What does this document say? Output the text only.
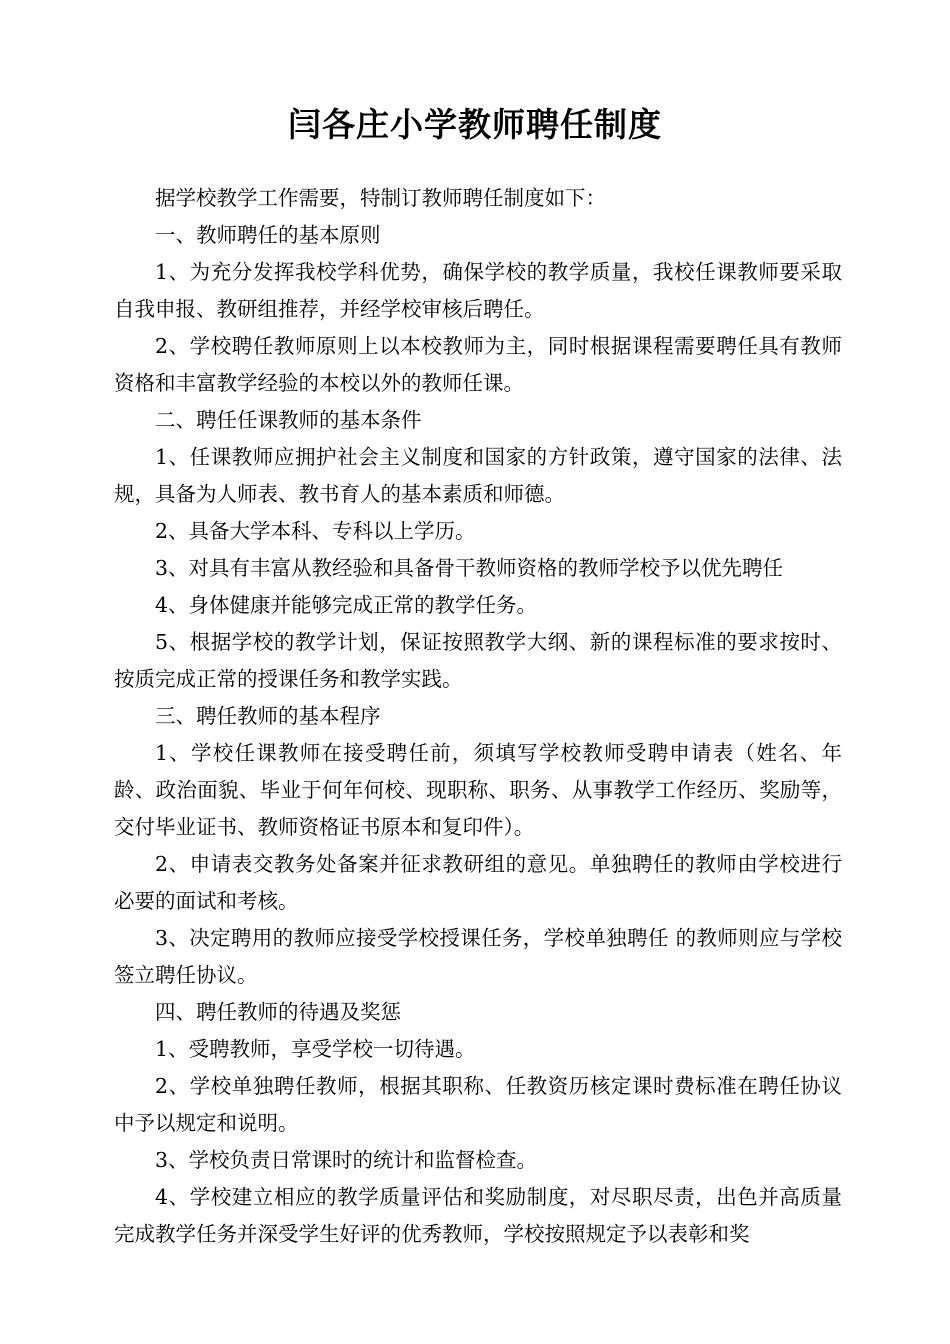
闫各庄小学教师聘任制度

据学校教学工作需要，特制订教师聘任制度如下：

一、教师聘任的基本原则

1、为充分发挥我校学科优势，确保学校的教学质量，我校任课教师要采取自我申报、教研组推荐，并经学校审核后聘任。

2、学校聘任教师原则上以本校教师为主，同时根据课程需要聘任具有教师资格和丰富教学经验的本校以外的教师任课。

二、聘任任课教师的基本条件

1、任课教师应拥护社会主义制度和国家的方针政策，遵守国家的法律、法规，具备为人师表、教书育人的基本素质和师德。

2、具备大学本科、专科以上学历。

3、对具有丰富从教经验和具备骨干教师资格的教师学校予以优先聘任

4、身体健康并能够完成正常的教学任务。

5、根据学校的教学计划，保证按照教学大纲、新的课程标准的要求按时、按质完成正常的授课任务和教学实践。

三、聘任教师的基本程序

1、学校任课教师在接受聘任前，须填写学校教师受聘申请表（姓名、年龄、政治面貌、毕业于何年何校、现职称、职务、从事教学工作经历、奖励等，交付毕业证书、教师资格证书原本和复印件）。

2、申请表交教务处备案并征求教研组的意见。单独聘任的教师由学校进行必要的面试和考核。

3、决定聘用的教师应接受学校授课任务，学校单独聘任 的教师则应与学校签立聘任协议。

四、聘任教师的待遇及奖惩

1、受聘教师，享受学校一切待遇。

2、学校单独聘任教师，根据其职称、任教资历核定课时费标准在聘任协议中予以规定和说明。

3、学校负责日常课时的统计和监督检查。

4、学校建立相应的教学质量评估和奖励制度，对尽职尽责，出色并高质量完成教学任务并深受学生好评的优秀教师，学校按照规定予以表彰和奖
